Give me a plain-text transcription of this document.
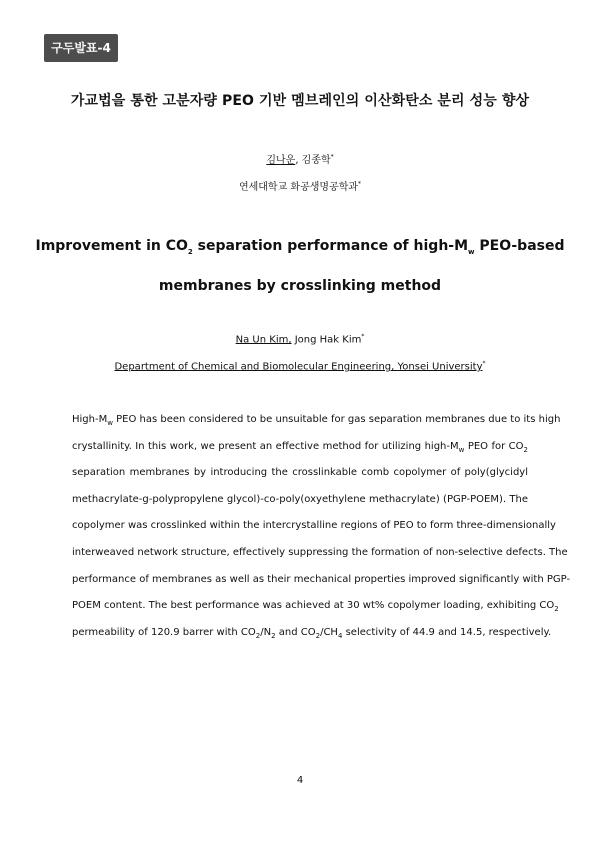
구두발표-4
가교법을 통한 고분자량 PEO 기반 멤브레인의 이산화탄소 분리 성능 향상
김나운, 김종학*
연세대학교 화공생명공학과*
Improvement in $CO_2$ separation performance of high-$M_w$ PEO-based
membranes by crosslinking method
Na Un Kim, Jong Hak Kim*
Department of Chemical and Biomolecular Engineering, Yonsei University*
High-$M_w$ PEO has been considered to be unsuitable for gas separation membranes due to its high
crystallinity. In this work, we present an effective method for utilizing high-$M_w$ PEO for $CO_2$
separation membranes by introducing the crosslinkable comb copolymer of poly(glycidyl
methacrylate-g-polypropylene glycol)-co-poly(oxyethylene methacrylate) (PGP-POEM). The
copolymer was crosslinked within the intercrystalline regions of PEO to form three-dimensionally
interweaved network structure, effectively suppressing the formation of non-selective defects. The
performance of membranes as well as their mechanical properties improved significantly with PGP-
POEM content. The best performance was achieved at 30 wt% copolymer loading, exhibiting $CO_2$
permeability of 120.9 barrer with $CO_2/N_2$ and $CO_2/CH_4$ selectivity of 44.9 and 14.5, respectively.
4
